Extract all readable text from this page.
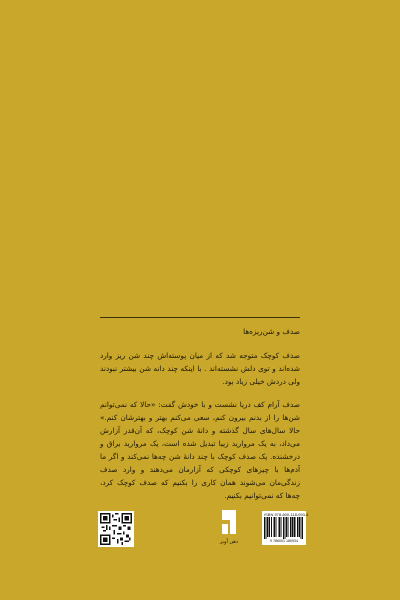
صدف و شن‌ریزه‌ها

صدف کوچک متوجه شد که از میان پوسته‌اش چند شن ریز وارد شده‌اند و توی دلش نشسته‌اند . با اینکه چند دانه شن بیشتر نبودند ولی دردش خیلی زیاد بود.

صدف آرام کف دریا نشست و با خودش گفت: «حالا که نمی‌توانم شن‌ها را از بدنم بیرون کنم، سعی می‌کنم بهتر و بهترشان کنم.» حالا سال‌های سال گذشته و دانهٔ شن کوچک، که آن‌قدر آزارش می‌داد، به یک مروارید زیبا تبدیل شده است، یک مروارید براق و درخشنده. یک صدف کوچک با چند دانهٔ شن چه‌ها نمی‌کند و اگر ما آدم‌ها با چیزهای کوچکی که آزارمان می‌دهند و وارد صدف زندگی‌مان می‌شوند همان کاری را بکنیم که صدف کوچک کرد، چه‌ها که نمی‌توانیم بکنیم.

ذهن آویز
ISBN 978-600-118-093-4
9 786001 180934
